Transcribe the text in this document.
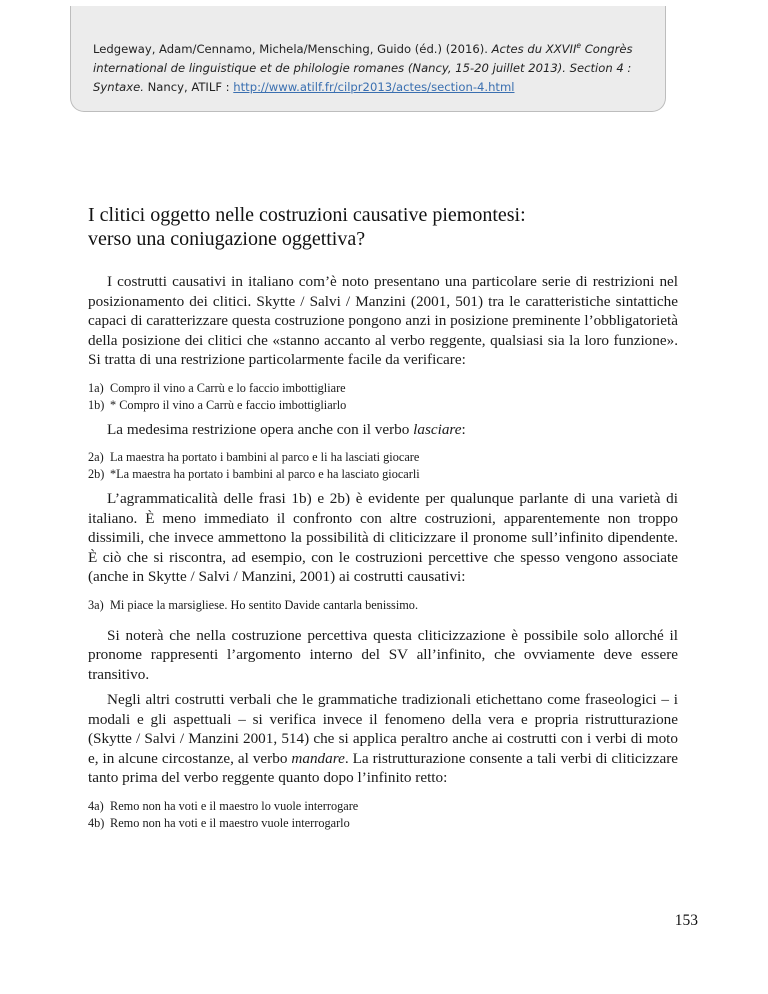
Ledgeway, Adam/Cennamo, Michela/Mensching, Guido (éd.) (2016). Actes du XXVIIe Congrès international de linguistique et de philologie romanes (Nancy, 15-20 juillet 2013). Section 4 : Syntaxe. Nancy, ATILF : http://www.atilf.fr/cilpr2013/actes/section-4.html
I clitici oggetto nelle costruzioni causative piemontesi:
verso una coniugazione oggettiva?

I costrutti causativi in italiano com’è noto presentano una particolare serie di restrizioni nel posizionamento dei clitici. Skytte / Salvi / Manzini (2001, 501) tra le caratteristiche sintattiche capaci di caratterizzare questa costruzione pongono anzi in posizione preminente l’obbligatorietà della posizione dei clitici che «stanno accanto al verbo reggente, qualsiasi sia la loro funzione». Si tratta di una restrizione particolarmente facile da verificare:

1a) Compro il vino a Carrù e lo faccio imbottigliare
1b) * Compro il vino a Carrù e faccio imbottigliarlo

La medesima restrizione opera anche con il verbo lasciare:

2a) La maestra ha portato i bambini al parco e li ha lasciati giocare
2b) *La maestra ha portato i bambini al parco e ha lasciato giocarli

L’agrammaticalità delle frasi 1b) e 2b) è evidente per qualunque parlante di una varietà di italiano. È meno immediato il confronto con altre costruzioni, apparentemente non troppo dissimili, che invece ammettono la possibilità di cliticizzare il pronome sull’infinito dipendente. È ciò che si riscontra, ad esempio, con le costruzioni percettive che spesso vengono associate (anche in Skytte / Salvi / Manzini, 2001) ai costrutti causativi:

3a) Mi piace la marsigliese. Ho sentito Davide cantarla benissimo.

Si noterà che nella costruzione percettiva questa cliticizzazione è possibile solo allorché il pronome rappresenti l’argomento interno del SV all’infinito, che ovviamente deve essere transitivo.

Negli altri costrutti verbali che le grammatiche tradizionali etichettano come fraseologici – i modali e gli aspettuali – si verifica invece il fenomeno della vera e propria ristrutturazione (Skytte / Salvi / Manzini 2001, 514) che si applica peraltro anche ai costrutti con i verbi di moto e, in alcune circostanze, al verbo mandare. La ristrutturazione consente a tali verbi di cliticizzare tanto prima del verbo reggente quanto dopo l’infinito retto:

4a) Remo non ha voti e il maestro lo vuole interrogare
4b) Remo non ha voti e il maestro vuole interrogarlo
153
